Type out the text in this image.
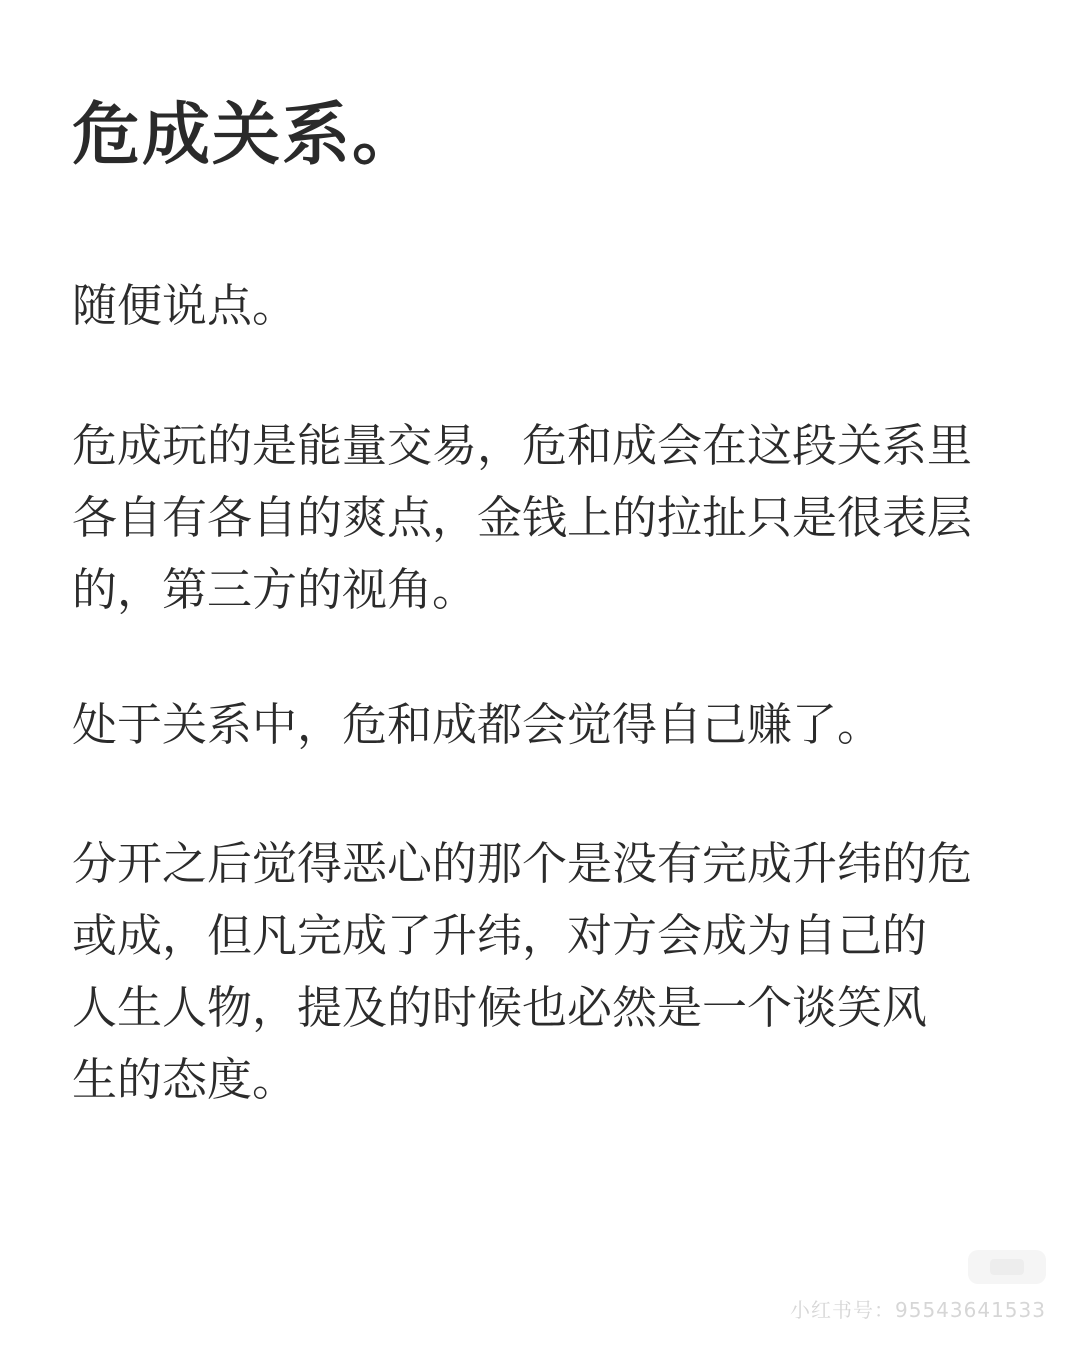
危成关系。

随便说点。

危成玩的是能量交易，危和成会在这段关系里
各自有各自的爽点，金钱上的拉扯只是很表层
的，第三方的视角。

处于关系中，危和成都会觉得自己赚了。

分开之后觉得恶心的那个是没有完成升纬的危
或成，但凡完成了升纬，对方会成为自己的
人生人物，提及的时候也必然是一个谈笑风
生的态度。

小红书号：95543641533
